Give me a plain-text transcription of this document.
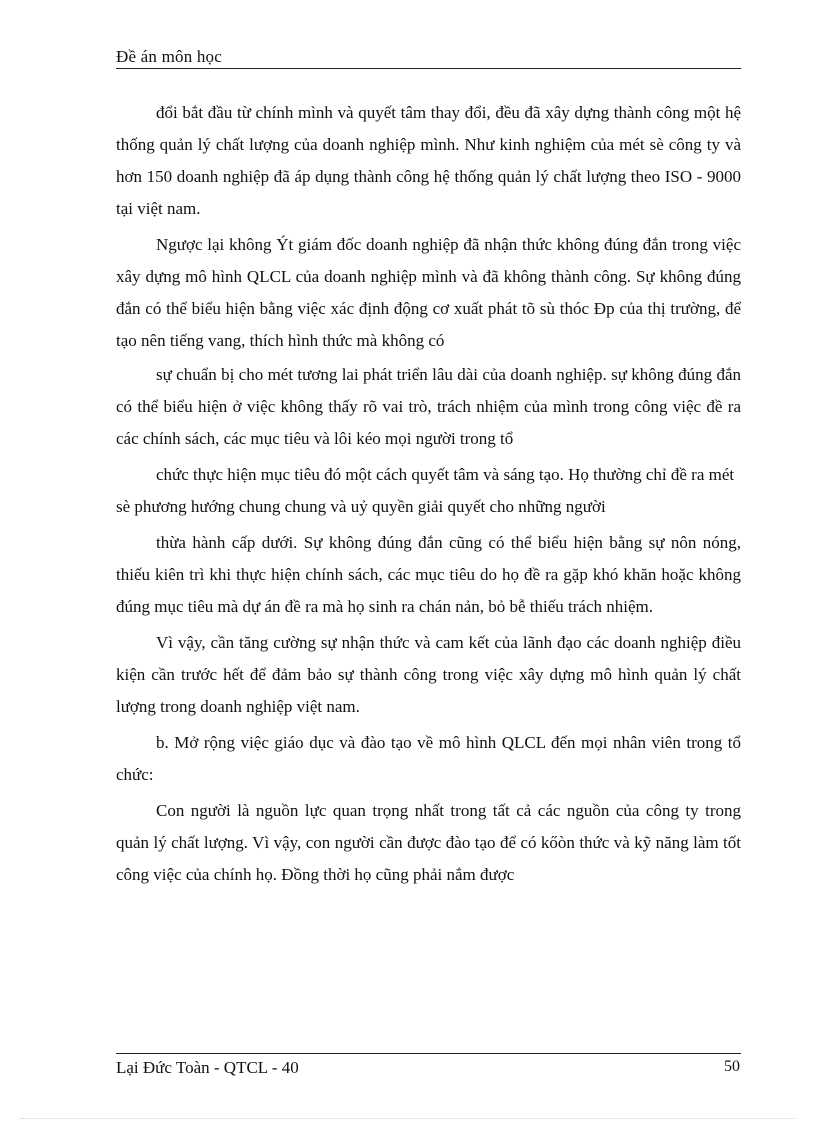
Đề án môn học

đổi bắt đầu từ chính mình và quyết tâm thay đổi, đều đã xây dựng thành công một hệ thống quản lý chất lượng của doanh nghiệp mình. Như kinh nghiệm của mét sè công ty và hơn 150 doanh nghiệp đã áp dụng thành công hệ thống quản lý chất lượng theo ISO - 9000 tại việt nam.

Ngược lại không Ýt giám đốc doanh nghiệp đã nhận thức không đúng đắn trong việc xây dựng mô hình QLCL của doanh nghiệp mình và đã không thành công. Sự không đúng đắn có thể biểu hiện bằng việc xác định động cơ xuất phát tõ sù thóc Đp của thị trường, để tạo nên tiếng vang, thích hình thức mà không có

sự chuẩn bị cho mét tương lai phát triển lâu dài của doanh nghiệp. sự không đúng đắn có thể biểu hiện ở việc không thấy rõ vai trò, trách nhiệm của mình trong công việc đề ra các chính sách, các mục tiêu và lôi kéo mọi người trong tổ

chức thực hiện mục tiêu đó một cách quyết tâm và sáng tạo. Họ thường chỉ đề ra mét sè phương hướng chung chung và uỷ quyền giải quyết cho những người

thừa hành cấp dưới. Sự không đúng đắn cũng có thể biểu hiện bằng sự nôn nóng, thiếu kiên trì khi thực hiện chính sách, các mục tiêu do họ đề ra gặp khó khăn hoặc không đúng mục tiêu mà dự án đề ra mà họ sinh ra chán nản, bỏ bễ thiếu trách nhiệm.

Vì vậy, cần tăng cường sự nhận thức và cam kết của lãnh đạo các doanh nghiệp điều kiện cần trước hết để đảm bảo sự thành công trong việc xây dựng mô hình quản lý chất lượng trong doanh nghiệp việt nam.

b. Mở rộng việc giáo dục và đào tạo về mô hình QLCL đến mọi nhân viên trong tổ chức:

Con người là nguồn lực quan trọng nhất trong tất cả các nguồn của công ty trong quản lý chất lượng. Vì vậy, con người cần được đào tạo để có kőòn thức và kỹ năng làm tốt công việc của chính họ. Đồng thời họ cũng phải nắm được

Lại Đức Toàn - QTCL - 40	50
